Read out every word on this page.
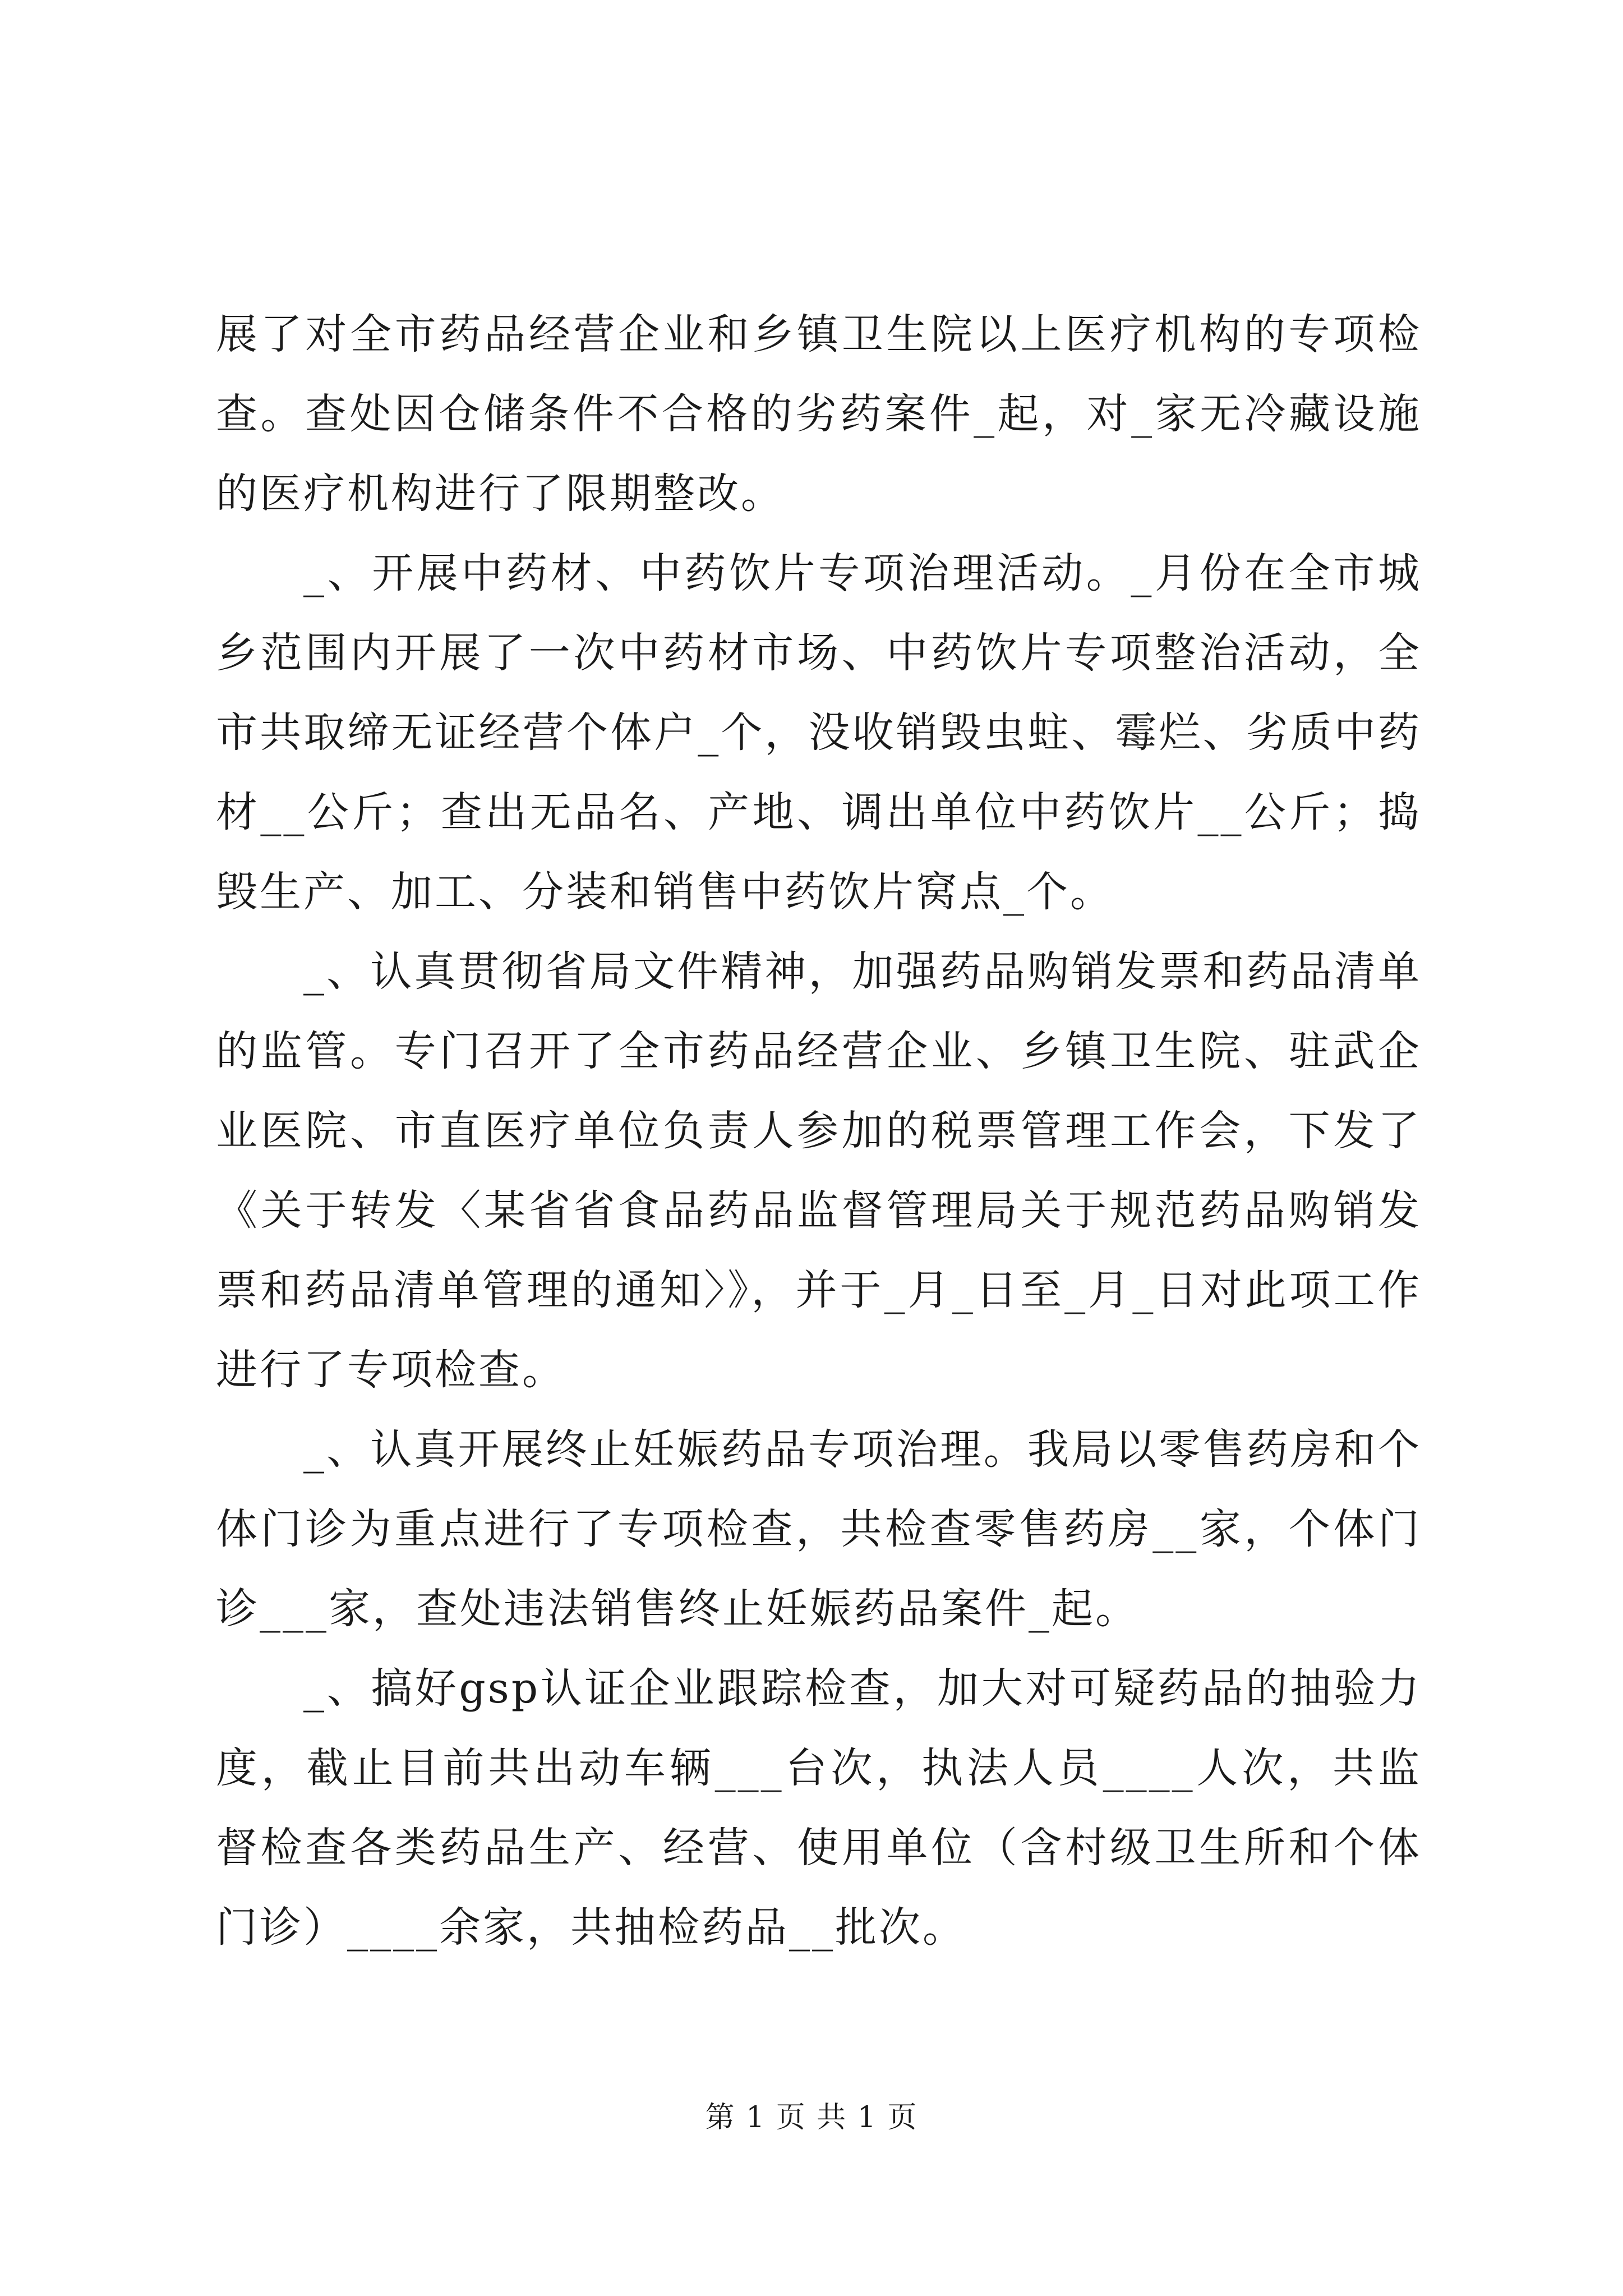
展了对全市药品经营企业和乡镇卫生院以上医疗机构的专项检查。查处因仓储条件不合格的劣药案件_起，对_家无冷藏设施的医疗机构进行了限期整改。

_、开展中药材、中药饮片专项治理活动。_月份在全市城乡范围内开展了一次中药材市场、中药饮片专项整治活动，全市共取缔无证经营个体户_个，没收销毁虫蛀、霉烂、劣质中药材__公斤；查出无品名、产地、调出单位中药饮片__公斤；捣毁生产、加工、分装和销售中药饮片窝点_个。

_、认真贯彻省局文件精神，加强药品购销发票和药品清单的监管。专门召开了全市药品经营企业、乡镇卫生院、驻武企业医院、市直医疗单位负责人参加的税票管理工作会，下发了《关于转发〈某省省食品药品监督管理局关于规范药品购销发票和药品清单管理的通知〉》，并于_月_日至_月_日对此项工作进行了专项检查。

_、认真开展终止妊娠药品专项治理。我局以零售药房和个体门诊为重点进行了专项检查，共检查零售药房__家，个体门诊___家，查处违法销售终止妊娠药品案件_起。

_、搞好gsp认证企业跟踪检查，加大对可疑药品的抽验力度，截止目前共出动车辆___台次，执法人员____人次，共监督检查各类药品生产、经营、使用单位（含村级卫生所和个体门诊）____余家，共抽检药品__批次。

第 1 页 共 1 页
